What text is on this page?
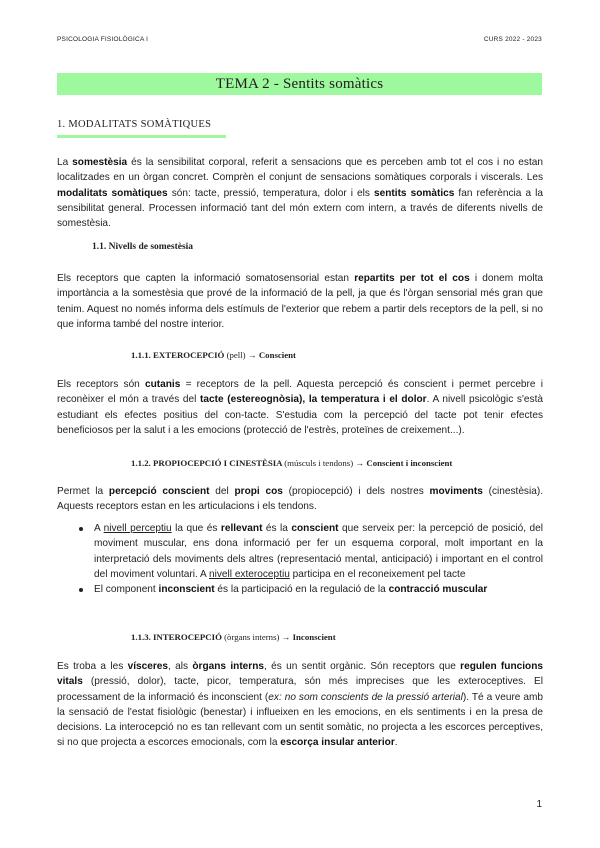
PSICOLOGIA FISIOLÒGICA I	CURS 2022 - 2023
TEMA 2 - Sentits somàtics
1. MODALITATS SOMÀTIQUES
La somestèsia és la sensibilitat corporal, referit a sensacions que es perceben amb tot el cos i no estan localitzades en un òrgan concret. Comprèn el conjunt de sensacions somàtiques corporals i viscerals. Les modalitats somàtiques són: tacte, pressió, temperatura, dolor i els sentits somàtics fan referència a la sensibilitat general. Processen informació tant del món extern com intern, a través de diferents nivells de somestèsia.
1.1. Nivells de somestèsia
Els receptors que capten la informació somatosensorial estan repartits per tot el cos i donem molta importància a la somestèsia que prové de la informació de la pell, ja que és l'òrgan sensorial més gran que tenim. Aquest no només informa dels estímuls de l'exterior que rebem a partir dels receptors de la pell, si no que informa també del nostre interior.
1.1.1. EXTEROCEPCIÓ (pell) → Conscient
Els receptors són cutanis = receptors de la pell. Aquesta percepció és conscient i permet percebre i reconèixer el món a través del tacte (estereognòsia), la temperatura i el dolor. A nivell psicològic s'està estudiant els efectes positius del con-tacte. S'estudia com la percepció del tacte pot tenir efectes beneficiosos per la salut i a les emocions (protecció de l'estrès, proteïnes de creixement...).
1.1.2. PROPIOCEPCIÓ I CINESTÈSIA (músculs i tendons) → Conscient i inconscient
Permet la percepció conscient del propi cos (propiocepció) i dels nostres moviments (cinestèsia). Aquests receptors estan en les articulacions i els tendons.
A nivell perceptiu la que és rellevant és la conscient que serveix per: la percepció de posició, del moviment muscular, ens dona informació per fer un esquema corporal, molt important en la interpretació dels moviments dels altres (representació mental, anticipació) i important en el control del moviment voluntari. A nivell exteroceptiu participa en el reconeixement pel tacte
El component inconscient és la participació en la regulació de la contracció muscular
1.1.3. INTEROCEPCIÓ (òrgans interns) → Inconscient
Es troba a les vísceres, als òrgans interns, és un sentit orgànic. Són receptors que regulen funcions vitals (pressió, dolor), tacte, picor, temperatura, són més imprecises que les exteroceptives. El processament de la informació és inconscient (ex: no som conscients de la pressió arterial). Té a veure amb la sensació de l'estat fisiològic (benestar) i influeixen en les emocions, en els sentiments i en la presa de decisions. La interocepció no es tan rellevant com un sentit somàtic, no projecta a les escorces perceptives, si no que projecta a escorces emocionals, com la escorça insular anterior.
1
